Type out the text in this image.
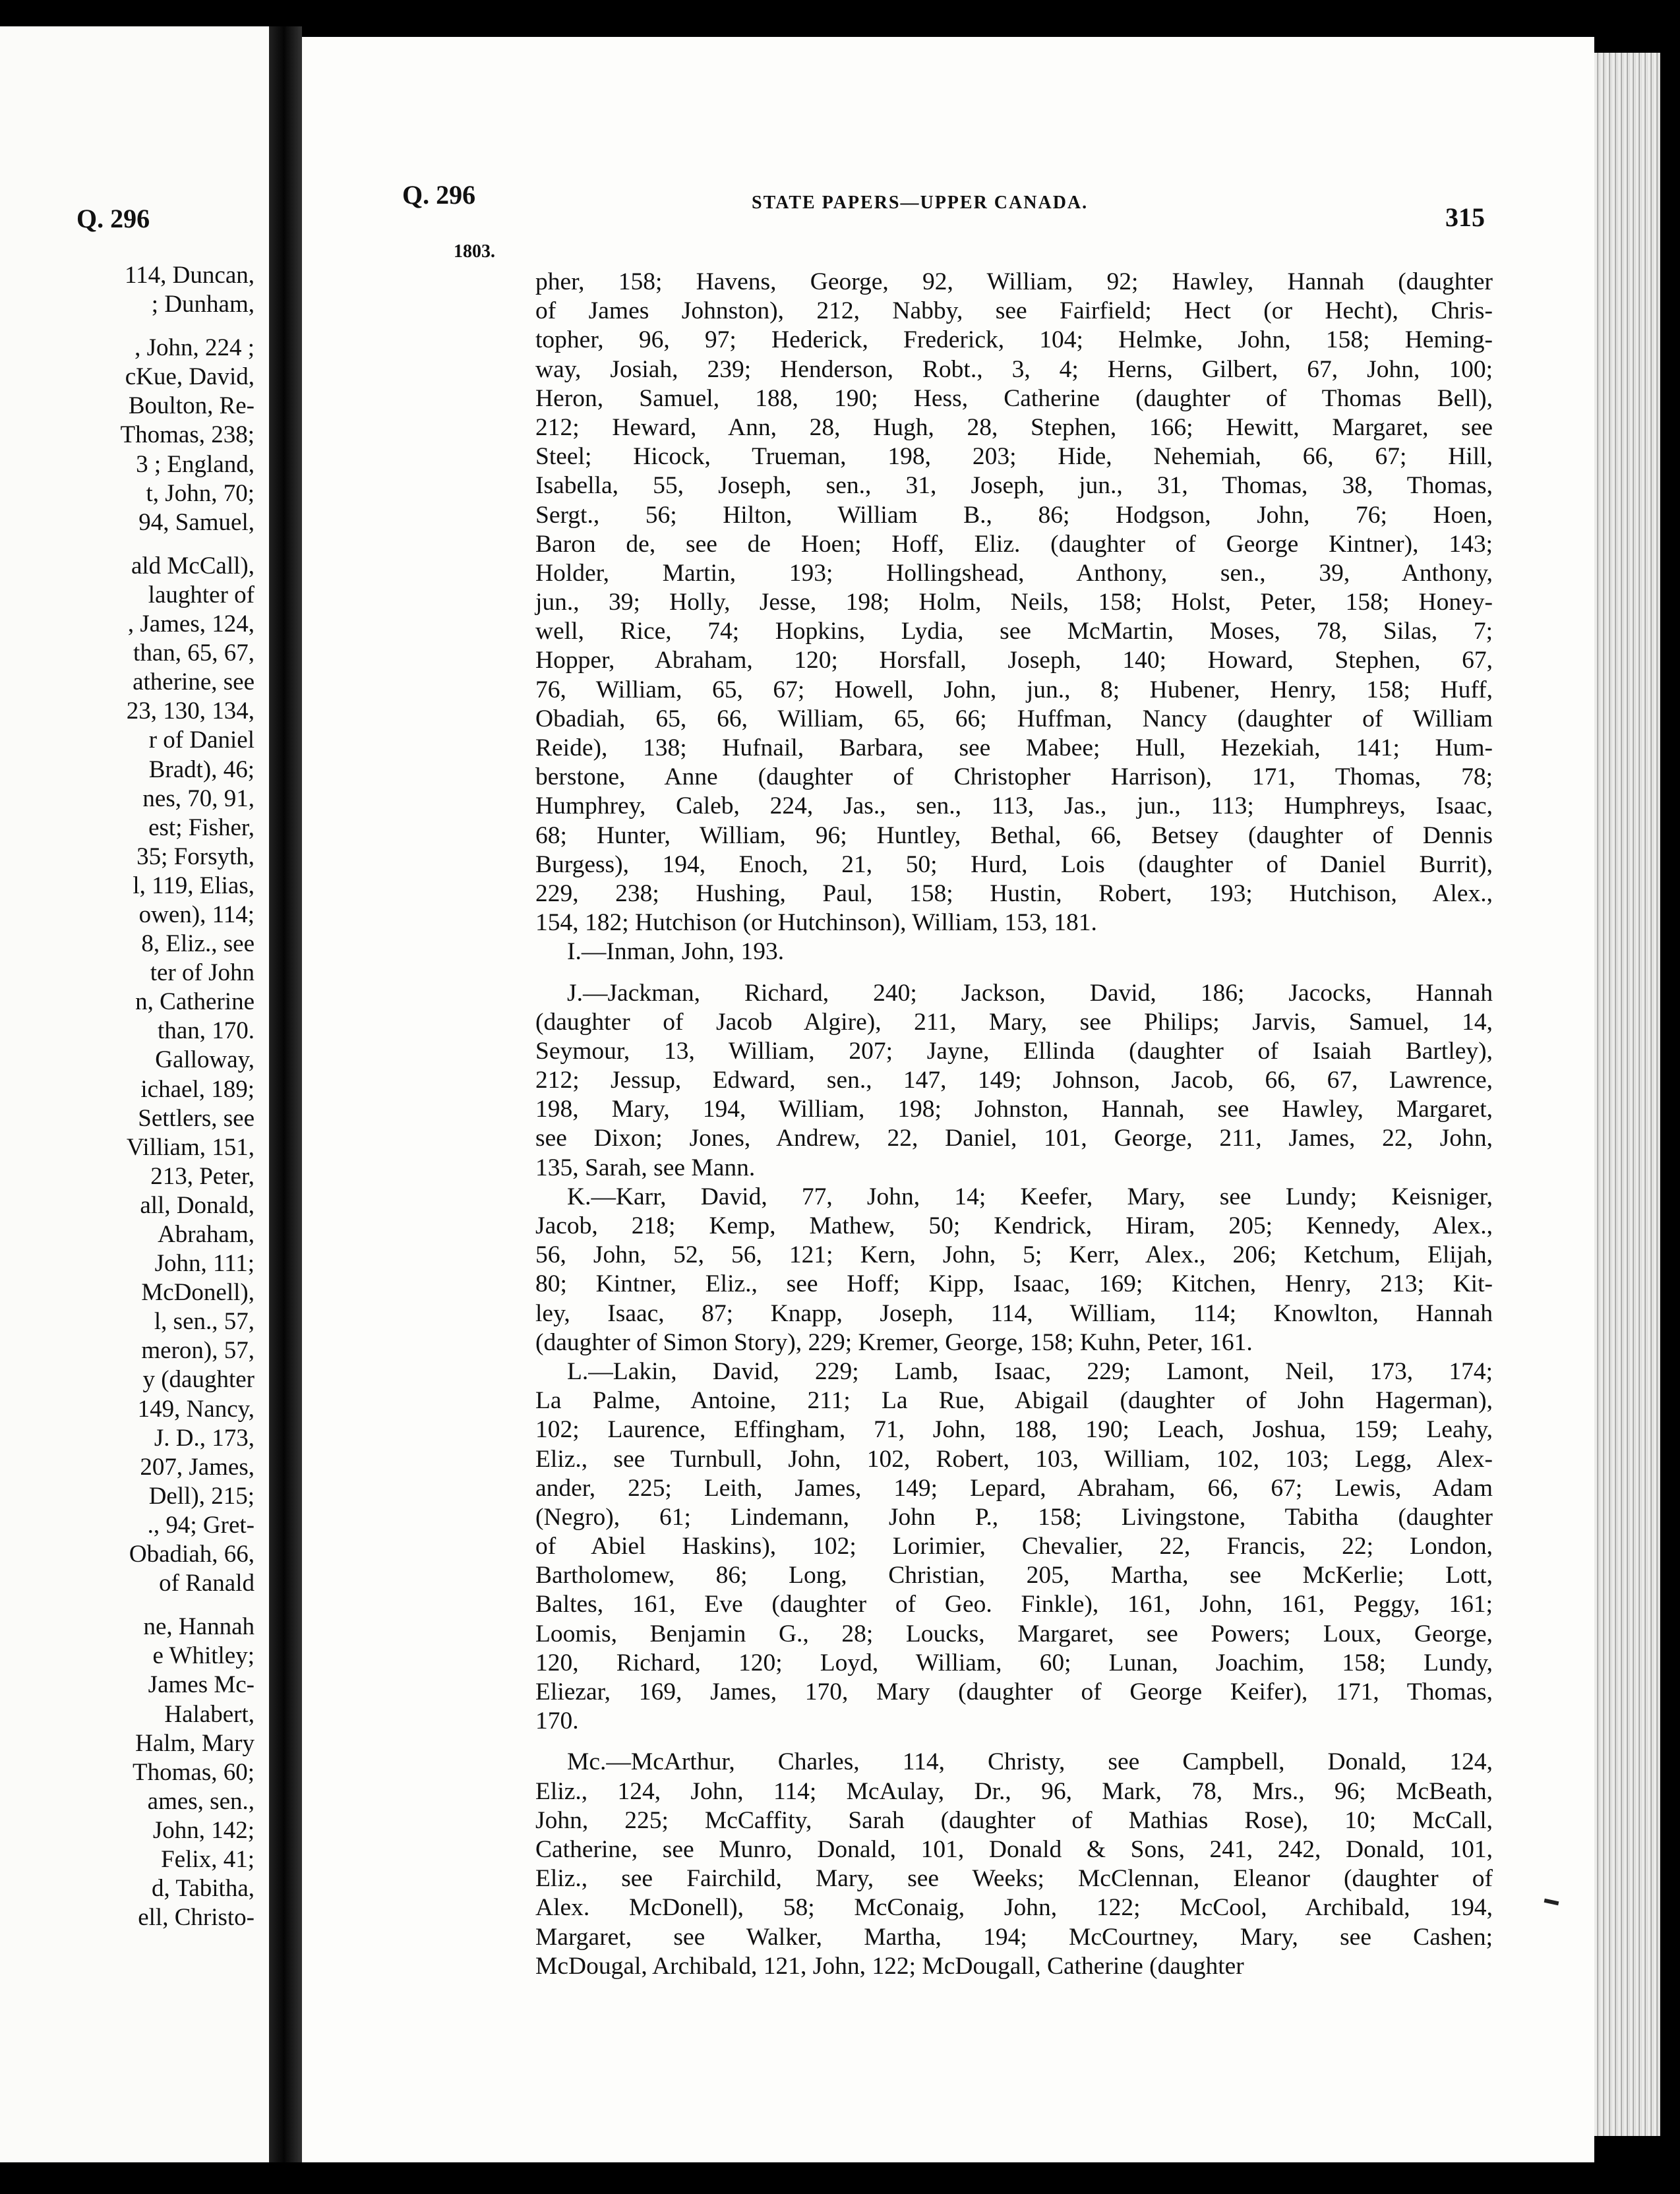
Q. 296
114, Duncan,
; Dunham,

, John, 224 ;
cKue, David,
Boulton, Re-
Thomas, 238;
3 ; England,
t, John, 70;
94, Samuel,

ald McCall),
laughter of
, James, 124,
than, 65, 67,
atherine, see
23, 130, 134,
r of Daniel
Bradt), 46;
nes, 70, 91,
est; Fisher,
35; Forsyth,
l, 119, Elias,
owen), 114;
8, Eliz., see
ter of John
n, Catherine
than, 170.
Galloway,
ichael, 189;
Settlers, see
Villiam, 151,
213, Peter,
all, Donald,
Abraham,
John, 111;
McDonell),
l, sen., 57,
meron), 57,
y (daughter
149, Nancy,
J. D., 173,
207, James,
Dell), 215;
., 94; Gret-
Obadiah, 66,
of Ranald

ne, Hannah
e Whitley;
James Mc-
Halabert,
Halm, Mary
Thomas, 60;
ames, sen.,
John, 142;
Felix, 41;
d, Tabitha,
ell, Christo-
Q. 296	STATE PAPERS—UPPER CANADA.	315
1803.
pher, 158; Havens, George, 92, William, 92; Hawley, Hannah (daughter
of James Johnston), 212, Nabby, see Fairfield; Hect (or Hecht), Chris-
topher, 96, 97; Hederick, Frederick, 104; Helmke, John, 158; Heming-
way, Josiah, 239; Henderson, Robt., 3, 4; Herns, Gilbert, 67, John, 100;
Heron, Samuel, 188, 190; Hess, Catherine (daughter of Thomas Bell),
212; Heward, Ann, 28, Hugh, 28, Stephen, 166; Hewitt, Margaret, see
Steel; Hicock, Trueman, 198, 203; Hide, Nehemiah, 66, 67; Hill,
Isabella, 55, Joseph, sen., 31, Joseph, jun., 31, Thomas, 38, Thomas,
Sergt., 56; Hilton, William B., 86; Hodgson, John, 76; Hoen,
Baron de, see de Hoen; Hoff, Eliz. (daughter of George Kintner), 143;
Holder, Martin, 193; Hollingshead, Anthony, sen., 39, Anthony,
jun., 39; Holly, Jesse, 198; Holm, Neils, 158; Holst, Peter, 158; Honey-
well, Rice, 74; Hopkins, Lydia, see McMartin, Moses, 78, Silas, 7;
Hopper, Abraham, 120; Horsfall, Joseph, 140; Howard, Stephen, 67,
76, William, 65, 67; Howell, John, jun., 8; Hubener, Henry, 158; Huff,
Obadiah, 65, 66, William, 65, 66; Huffman, Nancy (daughter of William
Reide), 138; Hufnail, Barbara, see Mabee; Hull, Hezekiah, 141; Hum-
berstone, Anne (daughter of Christopher Harrison), 171, Thomas, 78;
Humphrey, Caleb, 224, Jas., sen., 113, Jas., jun., 113; Humphreys, Isaac,
68; Hunter, William, 96; Huntley, Bethal, 66, Betsey (daughter of Dennis
Burgess), 194, Enoch, 21, 50; Hurd, Lois (daughter of Daniel Burrit),
229, 238; Hushing, Paul, 158; Hustin, Robert, 193; Hutchison, Alex.,
154, 182; Hutchison (or Hutchinson), William, 153, 181.
I.—Inman, John, 193.
J.—Jackman, Richard, 240; Jackson, David, 186; Jacocks, Hannah
(daughter of Jacob Algire), 211, Mary, see Philips; Jarvis, Samuel, 14,
Seymour, 13, William, 207; Jayne, Ellinda (daughter of Isaiah Bartley),
212; Jessup, Edward, sen., 147, 149; Johnson, Jacob, 66, 67, Lawrence,
198, Mary, 194, William, 198; Johnston, Hannah, see Hawley, Margaret,
see Dixon; Jones, Andrew, 22, Daniel, 101, George, 211, James, 22, John,
135, Sarah, see Mann.
K.—Karr, David, 77, John, 14; Keefer, Mary, see Lundy; Keisniger,
Jacob, 218; Kemp, Mathew, 50; Kendrick, Hiram, 205; Kennedy, Alex.,
56, John, 52, 56, 121; Kern, John, 5; Kerr, Alex., 206; Ketchum, Elijah,
80; Kintner, Eliz., see Hoff; Kipp, Isaac, 169; Kitchen, Henry, 213; Kit-
ley, Isaac, 87; Knapp, Joseph, 114, William, 114; Knowlton, Hannah
(daughter of Simon Story), 229; Kremer, George, 158; Kuhn, Peter, 161.
L.—Lakin, David, 229; Lamb, Isaac, 229; Lamont, Neil, 173, 174;
La Palme, Antoine, 211; La Rue, Abigail (daughter of John Hagerman),
102; Laurence, Effingham, 71, John, 188, 190; Leach, Joshua, 159; Leahy,
Eliz., see Turnbull, John, 102, Robert, 103, William, 102, 103; Legg, Alex-
ander, 225; Leith, James, 149; Lepard, Abraham, 66, 67; Lewis, Adam
(Negro), 61; Lindemann, John P., 158; Livingstone, Tabitha (daughter
of Abiel Haskins), 102; Lorimier, Chevalier, 22, Francis, 22; London,
Bartholomew, 86; Long, Christian, 205, Martha, see McKerlie; Lott,
Baltes, 161, Eve (daughter of Geo. Finkle), 161, John, 161, Peggy, 161;
Loomis, Benjamin G., 28; Loucks, Margaret, see Powers; Loux, George,
120, Richard, 120; Loyd, William, 60; Lunan, Joachim, 158; Lundy,
Eliezar, 169, James, 170, Mary (daughter of George Keifer), 171, Thomas,
170.
Mc.—McArthur, Charles, 114, Christy, see Campbell, Donald, 124,
Eliz., 124, John, 114; McAulay, Dr., 96, Mark, 78, Mrs., 96; McBeath,
John, 225; McCaffity, Sarah (daughter of Mathias Rose), 10; McCall,
Catherine, see Munro, Donald, 101, Donald & Sons, 241, 242, Donald, 101,
Eliz., see Fairchild, Mary, see Weeks; McClennan, Eleanor (daughter of
Alex. McDonell), 58; McConaig, John, 122; McCool, Archibald, 194,
Margaret, see Walker, Martha, 194; McCourtney, Mary, see Cashen;
McDougal, Archibald, 121, John, 122; McDougall, Catherine (daughter
